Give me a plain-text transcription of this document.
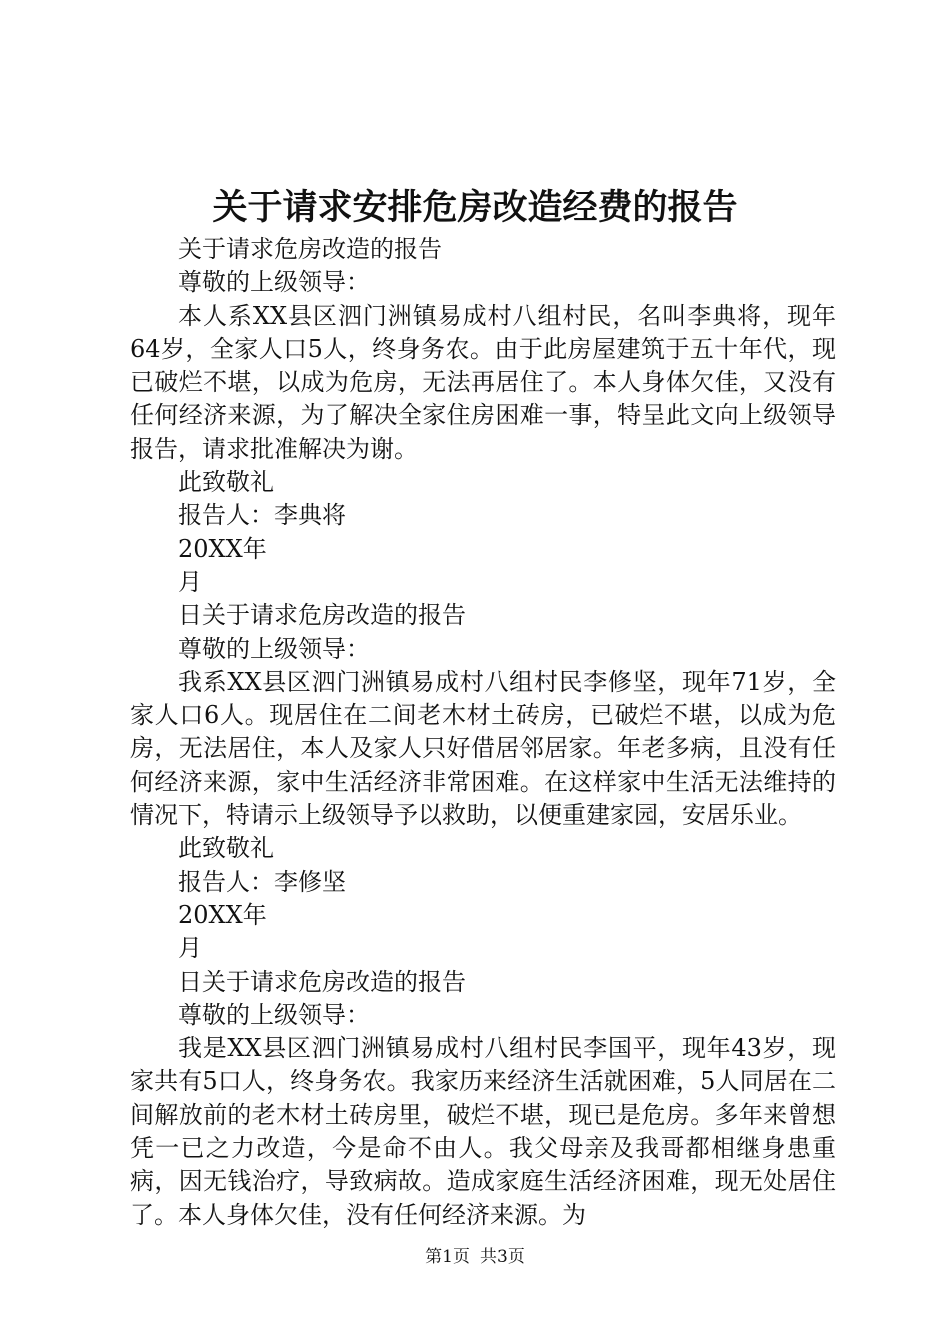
关于请求安排危房改造经费的报告

关于请求危房改造的报告

尊敬的上级领导：

本人系XX县区泗门洲镇易成村八组村民，名叫李典将，现年64岁，全家人口5人，终身务农。由于此房屋建筑于五十年代，现已破烂不堪，以成为危房，无法再居住了。本人身体欠佳，又没有任何经济来源，为了解决全家住房困难一事，特呈此文向上级领导报告，请求批准解决为谢。

此致敬礼

报告人：李典将

20XX年

月

日关于请求危房改造的报告

尊敬的上级领导：

我系XX县区泗门洲镇易成村八组村民李修坚，现年71岁，全家人口6人。现居住在二间老木材土砖房，已破烂不堪，以成为危房，无法居住，本人及家人只好借居邻居家。年老多病，且没有任何经济来源，家中生活经济非常困难。在这样家中生活无法维持的情况下，特请示上级领导予以救助，以便重建家园，安居乐业。

此致敬礼

报告人：李修坚

20XX年

月

日关于请求危房改造的报告

尊敬的上级领导：

我是XX县区泗门洲镇易成村八组村民李国平，现年43岁，现家共有5口人，终身务农。我家历来经济生活就困难，5人同居在二间解放前的老木材土砖房里，破烂不堪，现已是危房。多年来曾想凭一已之力改造，今是命不由人。我父母亲及我哥都相继身患重病，因无钱治疗，导致病故。造成家庭生活经济困难，现无处居住了。本人身体欠佳，没有任何经济来源。为

第1页 共3页
